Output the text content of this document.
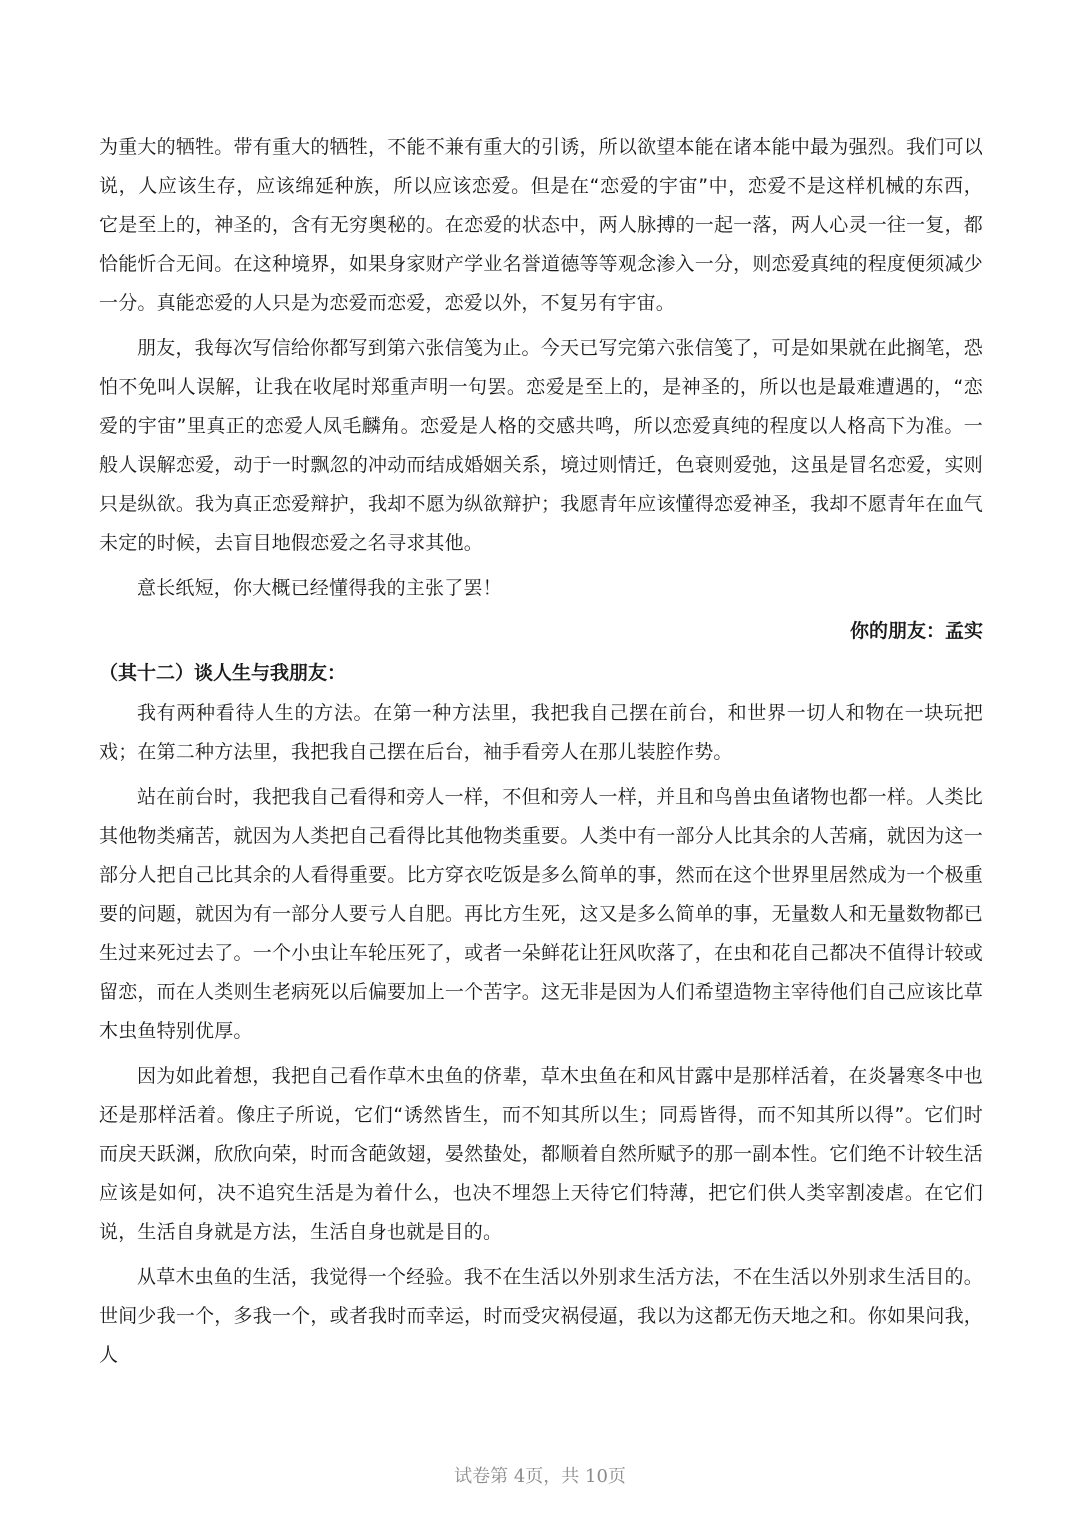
为重大的牺牲。带有重大的牺牲，不能不兼有重大的引诱，所以欲望本能在诸本能中最为强烈。我们可以说，人应该生存，应该绵延种族，所以应该恋爱。但是在“恋爱的宇宙”中，恋爱不是这样机械的东西，它是至上的，神圣的，含有无穷奥秘的。在恋爱的状态中，两人脉搏的一起一落，两人心灵一往一复，都恰能忻合无间。在这种境界，如果身家财产学业名誉道德等等观念渗入一分，则恋爱真纯的程度便须减少一分。真能恋爱的人只是为恋爱而恋爱，恋爱以外，不复另有宇宙。

朋友，我每次写信给你都写到第六张信笺为止。今天已写完第六张信笺了，可是如果就在此搁笔，恐怕不免叫人误解，让我在收尾时郑重声明一句罢。恋爱是至上的，是神圣的，所以也是最难遭遇的，“恋爱的宇宙”里真正的恋爱人凤毛麟角。恋爱是人格的交感共鸣，所以恋爱真纯的程度以人格高下为准。一般人误解恋爱，动于一时飘忽的冲动而结成婚姻关系，境过则情迁，色衰则爱弛，这虽是冒名恋爱，实则只是纵欲。我为真正恋爱辩护，我却不愿为纵欲辩护；我愿青年应该懂得恋爱神圣，我却不愿青年在血气未定的时候，去盲目地假恋爱之名寻求其他。

意长纸短，你大概已经懂得我的主张了罢！

你的朋友：孟实

（其十二）谈人生与我朋友：

我有两种看待人生的方法。在第一种方法里，我把我自己摆在前台，和世界一切人和物在一块玩把戏；在第二种方法里，我把我自己摆在后台，袖手看旁人在那儿装腔作势。

站在前台时，我把我自己看得和旁人一样，不但和旁人一样，并且和鸟兽虫鱼诸物也都一样。人类比其他物类痛苦，就因为人类把自己看得比其他物类重要。人类中有一部分人比其余的人苦痛，就因为这一部分人把自己比其余的人看得重要。比方穿衣吃饭是多么简单的事，然而在这个世界里居然成为一个极重要的问题，就因为有一部分人要亏人自肥。再比方生死，这又是多么简单的事，无量数人和无量数物都已生过来死过去了。一个小虫让车轮压死了，或者一朵鲜花让狂风吹落了，在虫和花自己都决不值得计较或留恋，而在人类则生老病死以后偏要加上一个苦字。这无非是因为人们希望造物主宰待他们自己应该比草木虫鱼特别优厚。

因为如此着想，我把自己看作草木虫鱼的侪辈，草木虫鱼在和风甘露中是那样活着，在炎暑寒冬中也还是那样活着。像庄子所说，它们“诱然皆生，而不知其所以生；同焉皆得，而不知其所以得”。它们时而戾天跃渊，欣欣向荣，时而含葩敛翅，晏然蛰处，都顺着自然所赋予的那一副本性。它们绝不计较生活应该是如何，决不追究生活是为着什么，也决不埋怨上天待它们特薄，把它们供人类宰割凌虐。在它们说，生活自身就是方法，生活自身也就是目的。

从草木虫鱼的生活，我觉得一个经验。我不在生活以外别求生活方法，不在生活以外别求生活目的。世间少我一个，多我一个，或者我时而幸运，时而受灾祸侵逼，我以为这都无伤天地之和。你如果问我，人

试卷第 4页，共 10页
